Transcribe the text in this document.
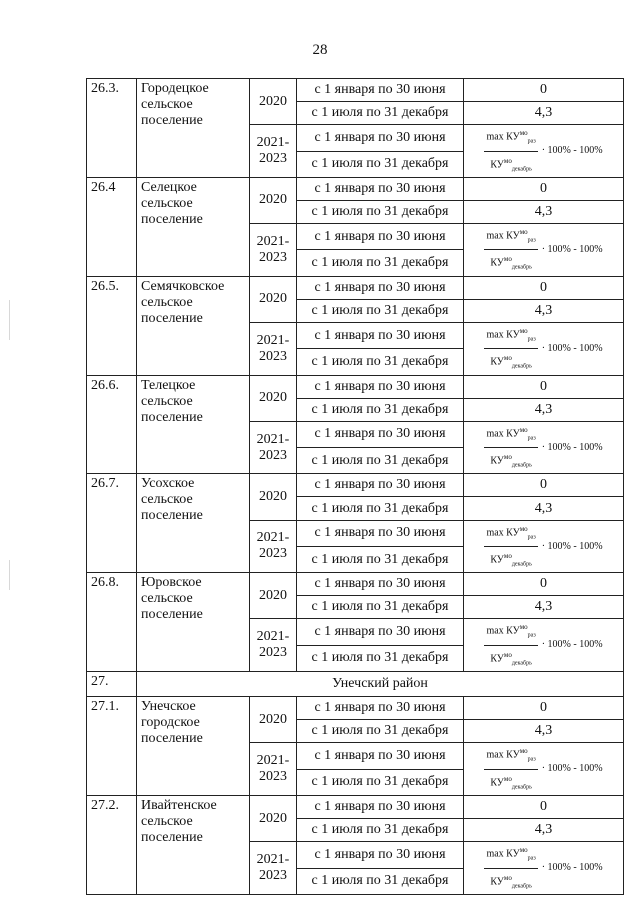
28
26.3.	Городецкое сельское поселение	2020	с 1 января по 30 июня	0
			с 1 июля по 31 декабря	4,3
		2021-2023	с 1 января по 30 июня	$\frac{\max КУ^{мо}_{раз}}{КУ^{мо}_{декабрь}} \cdot 100\% - 100\%$
			с 1 июля по 31 декабря	
26.4	Селецкое сельское поселение	2020	с 1 января по 30 июня	0
			с 1 июля по 31 декабря	4,3
		2021-2023	с 1 января по 30 июня	$\frac{\max КУ^{мо}_{раз}}{КУ^{мо}_{декабрь}} \cdot 100\% - 100\%$
			с 1 июля по 31 декабря	
26.5.	Семячковское сельское поселение	2020	с 1 января по 30 июня	0
			с 1 июля по 31 декабря	4,3
		2021-2023	с 1 января по 30 июня	$\frac{\max КУ^{мо}_{раз}}{КУ^{мо}_{декабрь}} \cdot 100\% - 100\%$
			с 1 июля по 31 декабря	
26.6.	Телецкое сельское поселение	2020	с 1 января по 30 июня	0
			с 1 июля по 31 декабря	4,3
		2021-2023	с 1 января по 30 июня	$\frac{\max КУ^{мо}_{раз}}{КУ^{мо}_{декабрь}} \cdot 100\% - 100\%$
			с 1 июля по 31 декабря	
26.7.	Усохское сельское поселение	2020	с 1 января по 30 июня	0
			с 1 июля по 31 декабря	4,3
		2021-2023	с 1 января по 30 июня	$\frac{\max КУ^{мо}_{раз}}{КУ^{мо}_{декабрь}} \cdot 100\% - 100\%$
			с 1 июля по 31 декабря	
26.8.	Юровское сельское поселение	2020	с 1 января по 30 июня	0
			с 1 июля по 31 декабря	4,3
		2021-2023	с 1 января по 30 июня	$\frac{\max КУ^{мо}_{раз}}{КУ^{мо}_{декабрь}} \cdot 100\% - 100\%$
			с 1 июля по 31 декабря	
27.	Унечский район			
27.1.	Унечское городское поселение	2020	с 1 января по 30 июня	0
			с 1 июля по 31 декабря	4,3
		2021-2023	с 1 января по 30 июня	$\frac{\max КУ^{мо}_{раз}}{КУ^{мо}_{декабрь}} \cdot 100\% - 100\%$
			с 1 июля по 31 декабря	
27.2.	Ивайтенское сельское поселение	2020	с 1 января по 30 июня	0
			с 1 июля по 31 декабря	4,3
		2021-2023	с 1 января по 30 июня	$\frac{\max КУ^{мо}_{раз}}{КУ^{мо}_{декабрь}} \cdot 100\% - 100\%$
			с 1 июля по 31 декабря	
